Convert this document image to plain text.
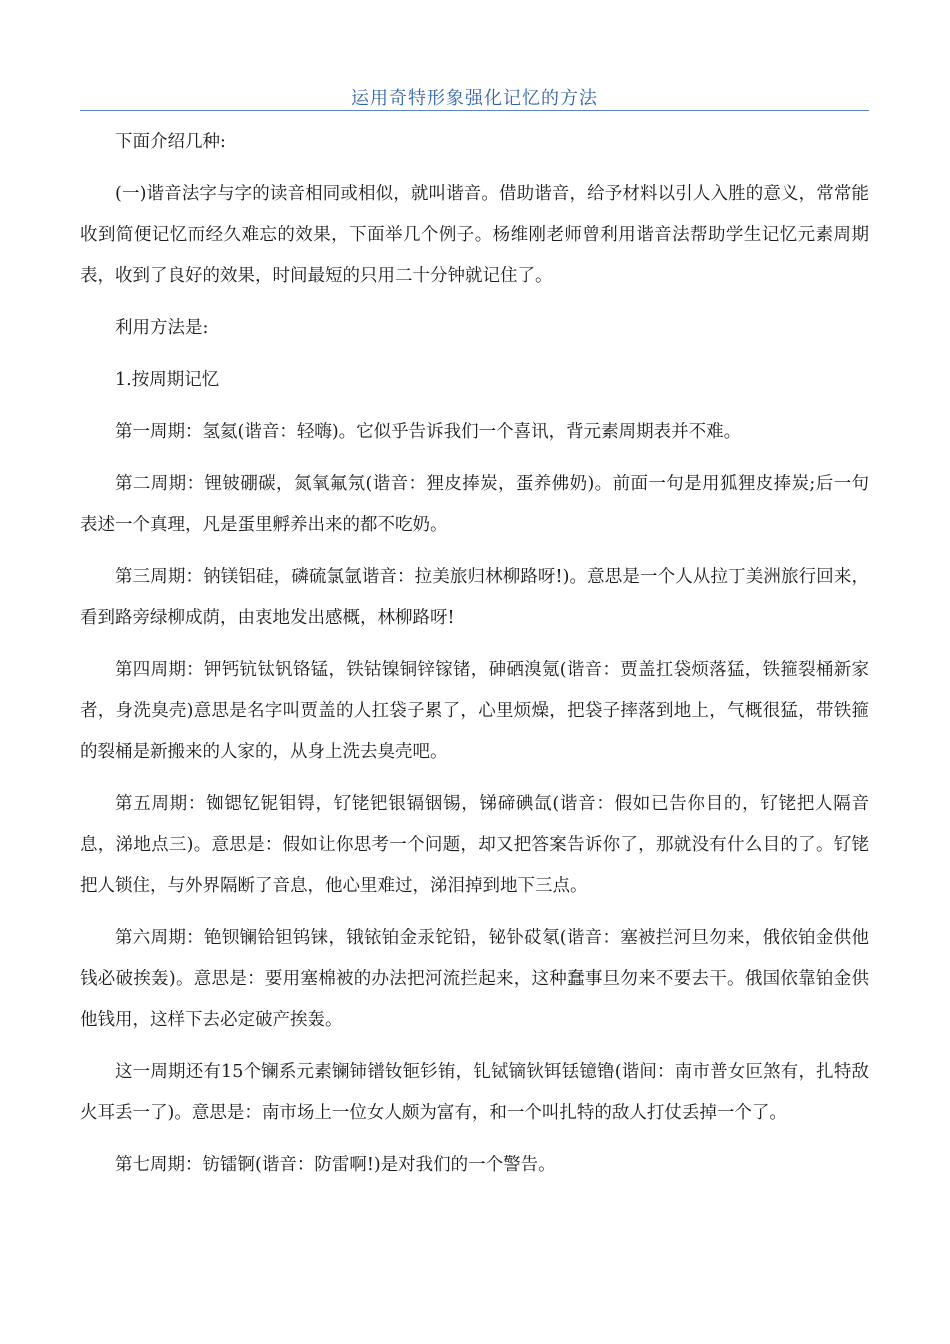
运用奇特形象强化记忆的方法

下面介绍几种:

(一)谐音法字与字的读音相同或相似，就叫谐音。借助谐音，给予材料以引人入胜的意义，常常能收到简便记忆而经久难忘的效果，下面举几个例子。杨维刚老师曾利用谐音法帮助学生记忆元素周期表，收到了良好的效果，时间最短的只用二十分钟就记住了。

利用方法是:

1.按周期记忆

第一周期：氢氦(谐音：轻嗨)。它似乎告诉我们一个喜讯，背元素周期表并不难。

第二周期：锂铍硼碳，氮氧氟氖(谐音：狸皮捧炭，蛋养佛奶)。前面一句是用狐狸皮捧炭;后一句表述一个真理，凡是蛋里孵养出来的都不吃奶。

第三周期：钠镁铝硅，磷硫氯氩谐音：拉美旅归林柳路呀!)。意思是一个人从拉丁美洲旅行回来，看到路旁绿柳成荫，由衷地发出感概，林柳路呀!

第四周期：钾钙钪钛钒铬锰，铁钴镍铜锌镓锗，砷硒溴氪(谐音：贾盖扛袋烦落猛，铁箍裂桶新家者，身洗臭壳)意思是名字叫贾盖的人扛袋子累了，心里烦燥，把袋子摔落到地上，气概很猛，带铁箍的裂桶是新搬来的人家的，从身上洗去臭壳吧。

第五周期：铷锶钇铌钼锝，钌铑钯银镉铟锡，锑碲碘氙(谐音：假如已告你目的，钌铑把人隔音息，涕地点三)。意思是：假如让你思考一个问题，却又把答案告诉你了，那就没有什么目的了。钌铑把人锁住，与外界隔断了音息，他心里难过，涕泪掉到地下三点。

第六周期：铯钡镧铪钽钨铼，锇铱铂金汞铊铅，铋钋砹氡(谐音：塞被拦河旦勿来，俄依铂金供他钱必破挨轰)。意思是：要用塞棉被的办法把河流拦起来，这种蠢事旦勿来不要去干。俄国依靠铂金供他钱用，这样下去必定破产挨轰。

这一周期还有15个镧系元素镧铈镨钕钷钐铕，钆铽镝钬铒铥镱镥(谐间：南市普女叵煞有，扎特敌火耳丢一了)。意思是：南市场上一位女人颇为富有，和一个叫扎特的敌人打仗丢掉一个了。

第七周期：钫镭锕(谐音：防雷啊!)是对我们的一个警告。
